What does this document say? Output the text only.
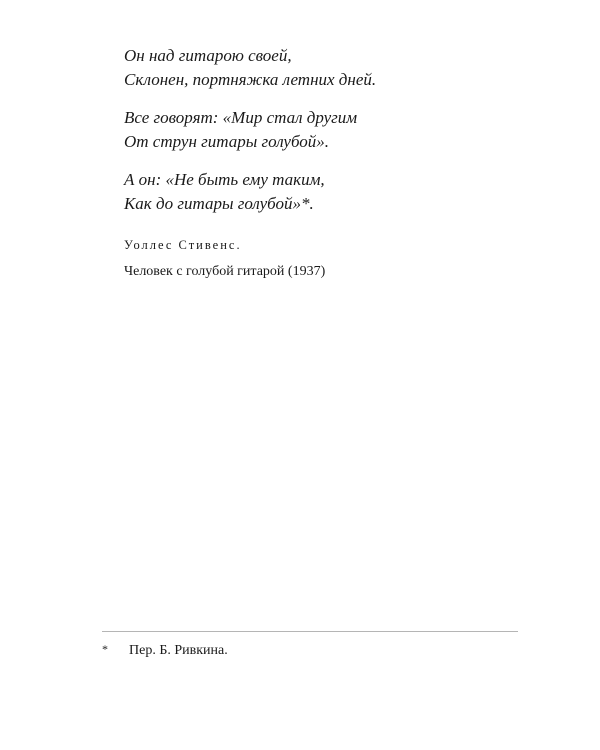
Он над гитарою своей,
Склонен, портняжка летних дней.
Все говорят: «Мир стал другим
От струн гитары голубой».
А он: «Не быть ему таким,
Как до гитары голубой»*.
Уоллес Стивенс.
Человек с голубой гитарой (1937)
* Пер. Б. Ривкина.
